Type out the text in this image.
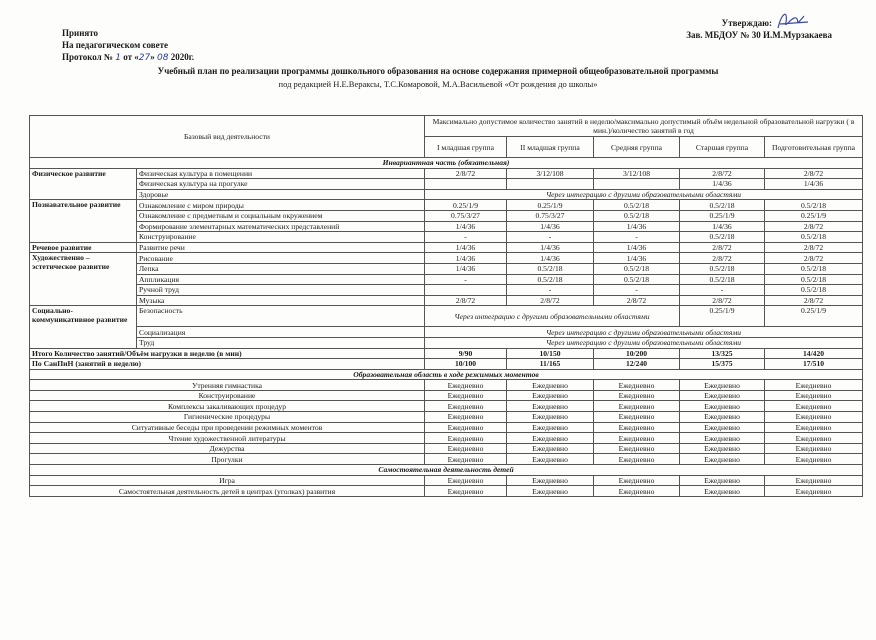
Принято
На педагогическом совете
Протокол № 1 от «27» 08 2020г.
Утверждаю:
Зав. МБДОУ № 30 И.М.Мурзакаева
Учебный план по реализации программы дошкольного образования на основе содержания примерной общеобразовательной программы
под редакцией Н.Е.Вераксы, Т.С.Комаровой, М.А.Васильевой «От рождения до школы»
Базовый вид деятельности		Максимально допустимое количество занятий в неделю/максимально допустимый объём недельной образовательной нагрузки ( в мин.)/количество занятий в год				
		I младшая группа	II младшая группа	Средняя группа	Старшая группа	Подготовительная группа
Инвариантная часть (обязательная)						
Физическое развитие	Физическая культура в помещении	2/8/72	3/12/108	3/12/108	2/8/72	2/8/72
	Физическая культура на прогулке				1/4/36	1/4/36
	Здоровье	Через интеграцию с другими образовательными областями				
Познавательное развитие	Ознакомление с миром природы	0.25/1/9	0.25/1/9	0.5/2/18	0.5/2/18	0.5/2/18
	Ознакомление с предметным и социальным окружением	0.75/3/27	0.75/3/27	0.5/2/18	0.25/1/9	0.25/1/9
	Формирование элементарных математических представлений	1/4/36	1/4/36	1/4/36	1/4/36	2/8/72
	Конструирование	-	-	-	0.5/2/18	0.5/2/18
Речевое развитие	Развитие речи	1/4/36	1/4/36	1/4/36	2/8/72	2/8/72
Художественно – эстетическое развитие	Рисование	1/4/36	1/4/36	1/4/36	2/8/72	2/8/72
	Лепка	1/4/36	0.5/2/18	0.5/2/18	0.5/2/18	0.5/2/18
	Аппликация	-	0.5/2/18	0.5/2/18	0.5/2/18	0.5/2/18
	Ручной труд		-	-	-	0.5/2/18
	Музыка	2/8/72	2/8/72	2/8/72	2/8/72	2/8/72
Социально-коммуникативное развитие	Безопасность	Через интеграцию с другими образовательными областями			0.25/1/9	0.25/1/9
	Социализация	Через интеграцию с другими образовательными областями				
	Труд	Через интеграцию с другими образовательными областями				
Итого Количество занятий/Объём нагрузки в неделю (в мин)		9/90	10/150	10/200	13/325	14/420
По СанПиН (занятий в неделю)		10/100	11/165	12/240	15/375	17/510
Образовательная область в ходе режимных моментов						
Утренняя гимнастика		Ежедневно	Ежедневно	Ежедневно	Ежедневно	Ежедневно
Конструирование		Ежедневно	Ежедневно	Ежедневно	Ежедневно	Ежедневно
Комплексы закаливающих процедур		Ежедневно	Ежедневно	Ежедневно	Ежедневно	Ежедневно
Гигиенические процедуры		Ежедневно	Ежедневно	Ежедневно	Ежедневно	Ежедневно
Ситуативные беседы при проведении режимных моментов		Ежедневно	Ежедневно	Ежедневно	Ежедневно	Ежедневно
Чтение художественной литературы		Ежедневно	Ежедневно	Ежедневно	Ежедневно	Ежедневно
Дежурства		Ежедневно	Ежедневно	Ежедневно	Ежедневно	Ежедневно
Прогулки		Ежедневно	Ежедневно	Ежедневно	Ежедневно	Ежедневно
Самостоятельная деятельность детей						
Игра		Ежедневно	Ежедневно	Ежедневно	Ежедневно	Ежедневно
Самостоятельная деятельность детей в центрах (уголках) развития		Ежедневно	Ежедневно	Ежедневно	Ежедневно	Ежедневно
